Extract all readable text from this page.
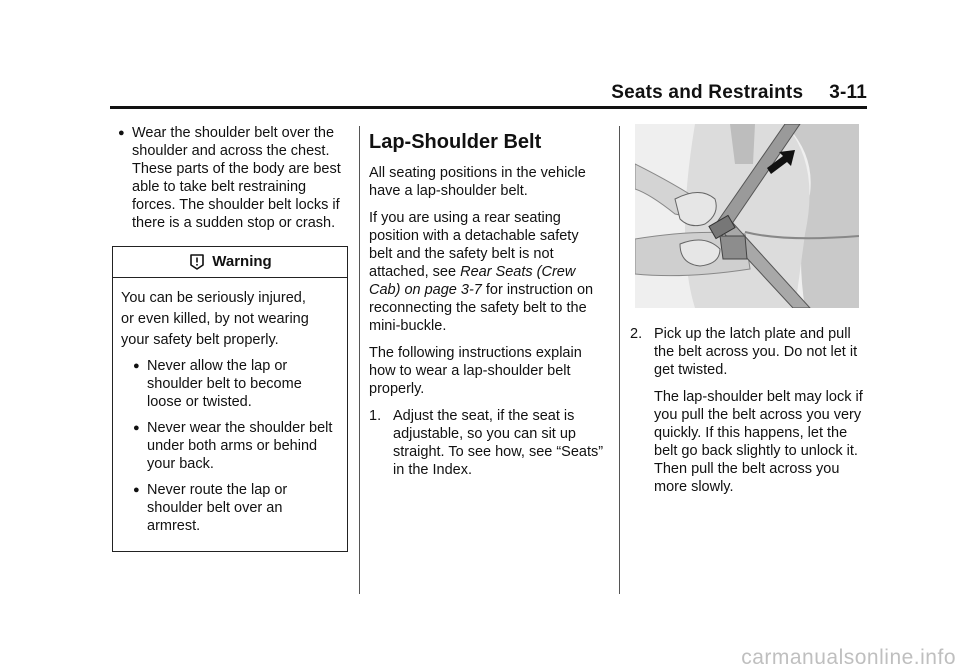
Seats and Restraints 3-11
● Wear the shoulder belt over the shoulder and across the chest. These parts of the body are best able to take belt restraining forces. The shoulder belt locks if there is a sudden stop or crash.
Warning

You can be seriously injured,
or even killed, by not wearing
your safety belt properly.

● Never allow the lap or shoulder belt to become loose or twisted.
● Never wear the shoulder belt under both arms or behind your back.
● Never route the lap or shoulder belt over an armrest.
Lap-Shoulder Belt

All seating positions in the vehicle have a lap-shoulder belt.

If you are using a rear seating position with a detachable safety belt and the safety belt is not attached, see Rear Seats (Crew Cab) on page 3-7 for instruction on reconnecting the safety belt to the mini-buckle.

The following instructions explain how to wear a lap-shoulder belt properly.

1. Adjust the seat, if the seat is adjustable, so you can sit up straight. To see how, see “Seats” in the Index.
2. Pick up the latch plate and pull the belt across you. Do not let it get twisted.

The lap-shoulder belt may lock if you pull the belt across you very quickly. If this happens, let the belt go back slightly to unlock it. Then pull the belt across you more slowly.

carmanualsonline.info
